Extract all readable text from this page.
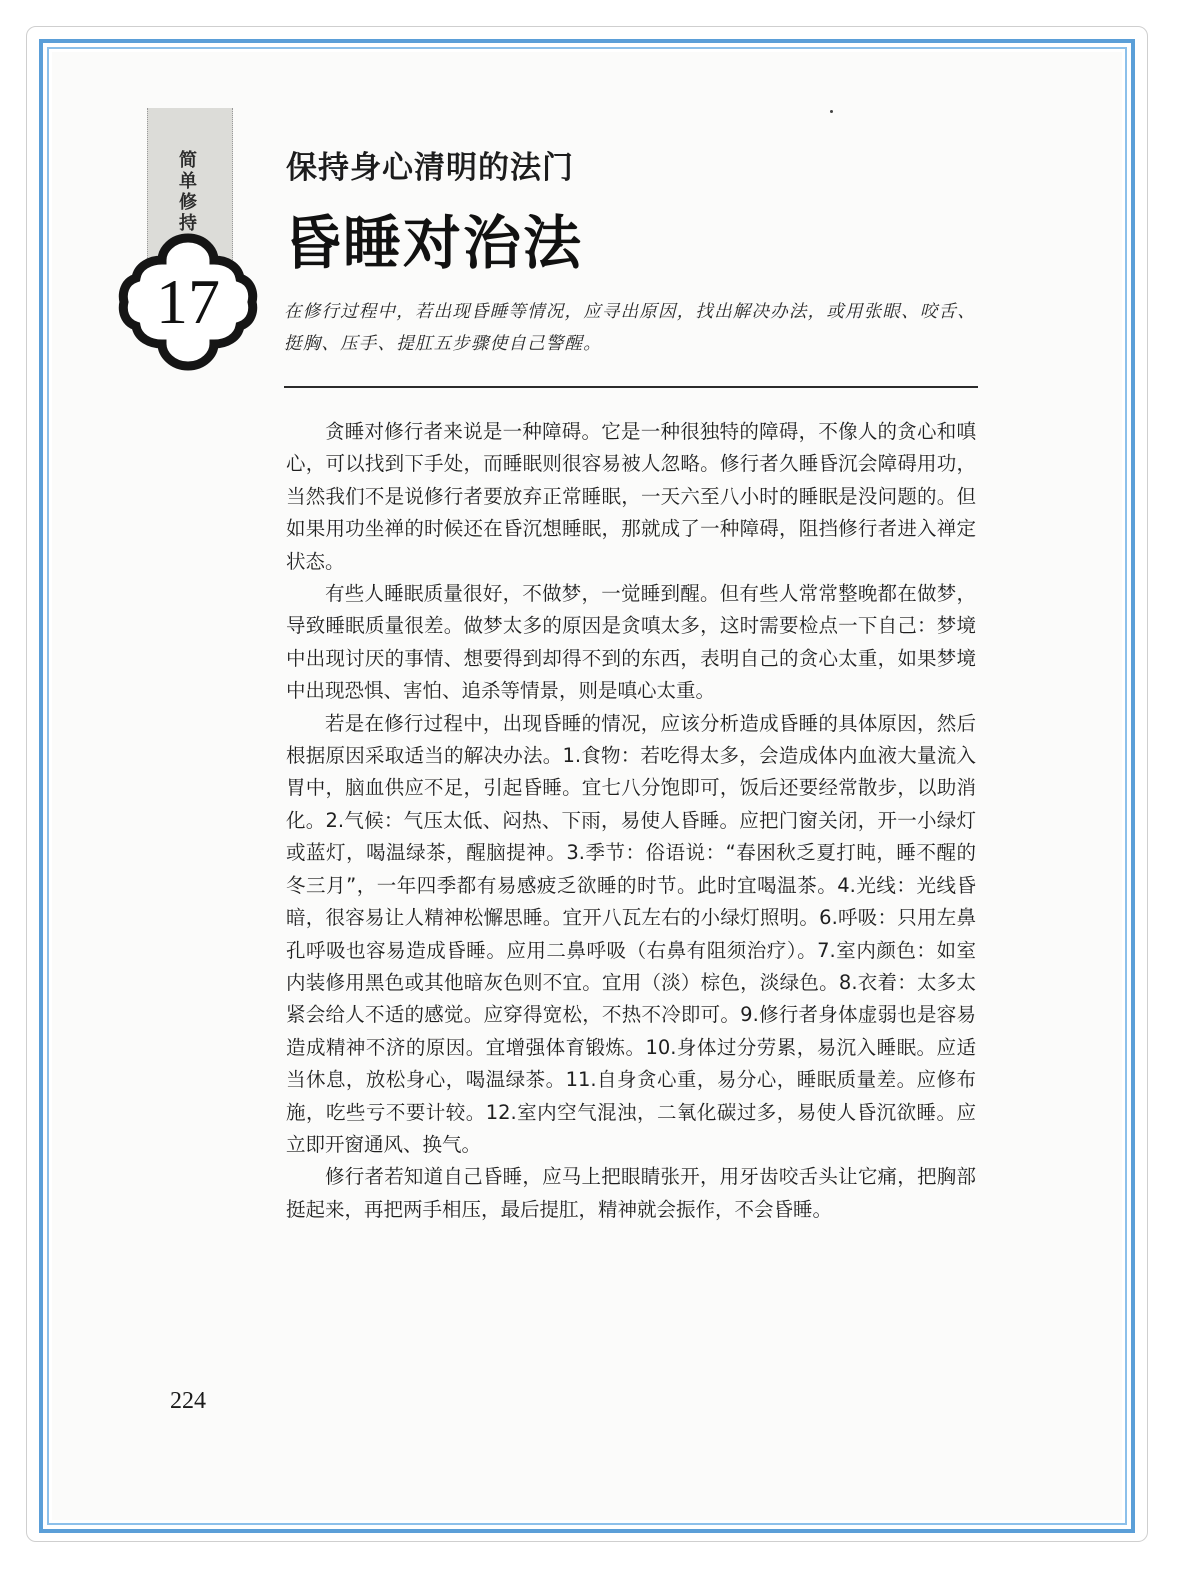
简单修持
17
保持身心清明的法门
昏睡对治法
在修行过程中，若出现昏睡等情况，应寻出原因，找出解决办法，或用张眼、咬舌、挺胸、压手、提肛五步骤使自己警醒。

贪睡对修行者来说是一种障碍。它是一种很独特的障碍，不像人的贪心和嗔心，可以找到下手处，而睡眠则很容易被人忽略。修行者久睡昏沉会障碍用功，当然我们不是说修行者要放弃正常睡眠，一天六至八小时的睡眠是没问题的。但如果用功坐禅的时候还在昏沉想睡眠，那就成了一种障碍，阻挡修行者进入禅定状态。

有些人睡眠质量很好，不做梦，一觉睡到醒。但有些人常常整晚都在做梦，导致睡眠质量很差。做梦太多的原因是贪嗔太多，这时需要检点一下自己：梦境中出现讨厌的事情、想要得到却得不到的东西，表明自己的贪心太重，如果梦境中出现恐惧、害怕、追杀等情景，则是嗔心太重。

若是在修行过程中，出现昏睡的情况，应该分析造成昏睡的具体原因，然后根据原因采取适当的解决办法。1.食物：若吃得太多，会造成体内血液大量流入胃中，脑血供应不足，引起昏睡。宜七八分饱即可，饭后还要经常散步，以助消化。2.气候：气压太低、闷热、下雨，易使人昏睡。应把门窗关闭，开一小绿灯或蓝灯，喝温绿茶，醒脑提神。3.季节：俗语说：“春困秋乏夏打盹，睡不醒的冬三月”，一年四季都有易感疲乏欲睡的时节。此时宜喝温茶。4.光线：光线昏暗，很容易让人精神松懈思睡。宜开八瓦左右的小绿灯照明。6.呼吸：只用左鼻孔呼吸也容易造成昏睡。应用二鼻呼吸（右鼻有阻须治疗）。7.室内颜色：如室内装修用黑色或其他暗灰色则不宜。宜用（淡）棕色，淡绿色。8.衣着：太多太紧会给人不适的感觉。应穿得宽松，不热不冷即可。9.修行者身体虚弱也是容易造成精神不济的原因。宜增强体育锻炼。10.身体过分劳累，易沉入睡眠。应适当休息，放松身心，喝温绿茶。11.自身贪心重，易分心，睡眠质量差。应修布施，吃些亏不要计较。12.室内空气混浊，二氧化碳过多，易使人昏沉欲睡。应立即开窗通风、换气。

修行者若知道自己昏睡，应马上把眼睛张开，用牙齿咬舌头让它痛，把胸部挺起来，再把两手相压，最后提肛，精神就会振作，不会昏睡。

224
